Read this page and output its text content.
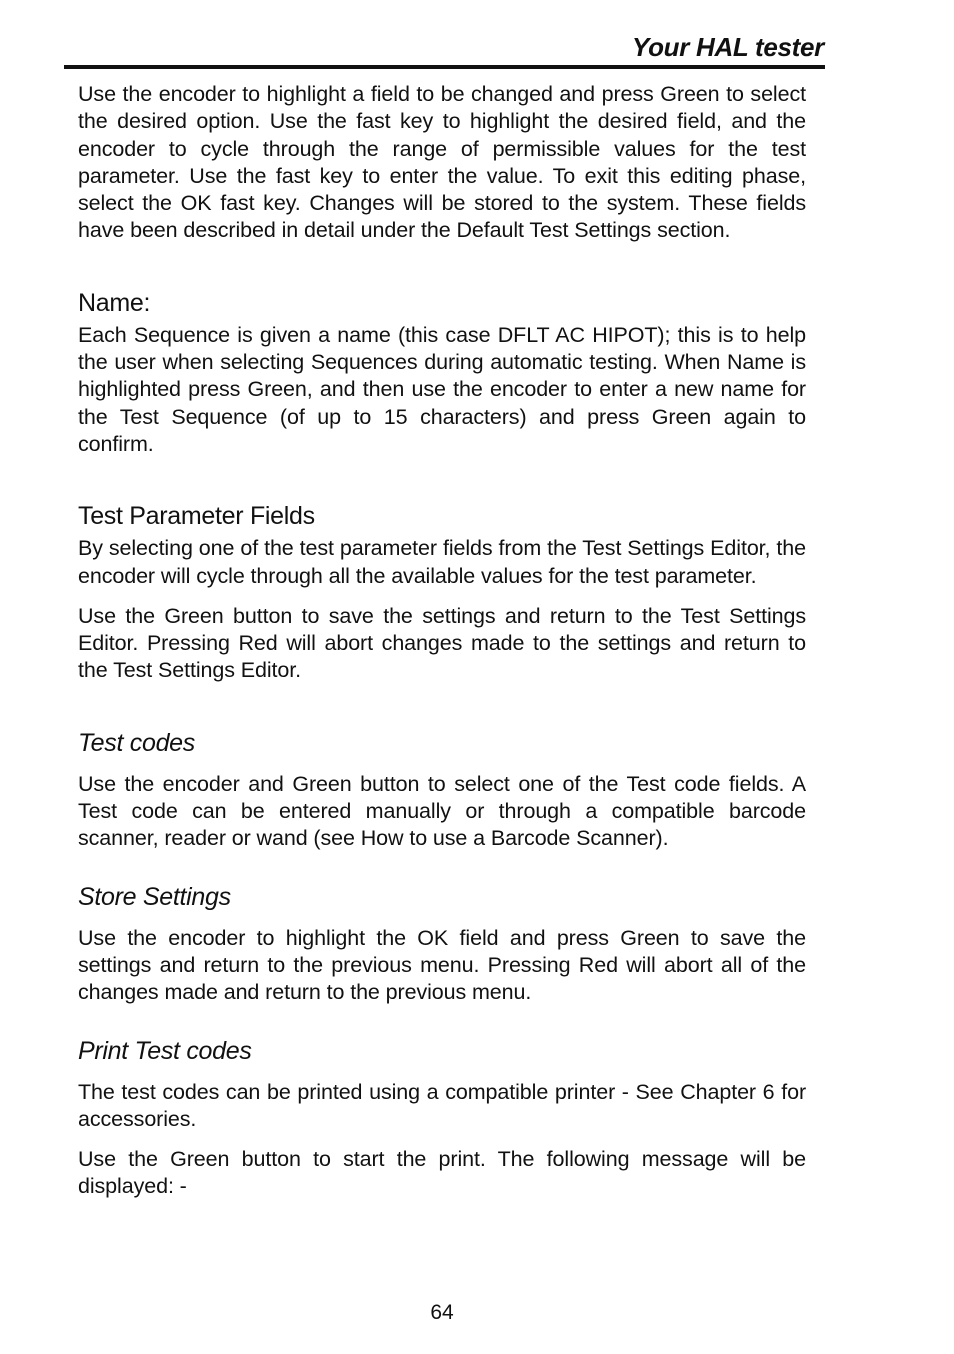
Your HAL tester

Use the encoder to highlight a field to be changed and press Green to select the desired option. Use the fast key to highlight the desired field, and the encoder to cycle through the range of permissible values for the test parameter. Use the fast key to enter the value. To exit this editing phase, select the OK fast key. Changes will be stored to the system. These fields have been described in detail under the Default Test Settings section.

Name:

Each Sequence is given a name (this case DFLT AC HIPOT); this is to help the user when selecting Sequences during automatic testing. When Name is highlighted press Green, and then use the encoder to enter a new name for the Test Sequence (of up to 15 characters) and press Green again to confirm.

Test Parameter Fields

By selecting one of the test parameter fields from the Test Settings Editor, the encoder will cycle through all the available values for the test parameter.

Use the Green button to save the settings and return to the Test Settings Editor. Pressing Red will abort changes made to the settings and return to the Test Settings Editor.

Test codes

Use the encoder and Green button to select one of the Test code fields. A Test code can be entered manually or through a compatible barcode scanner, reader or wand (see How to use a Barcode Scanner).

Store Settings

Use the encoder to highlight the OK field and press Green to save the settings and return to the previous menu. Pressing Red will abort all of the changes made and return to the previous menu.

Print Test codes

The test codes can be printed using a compatible printer - See Chapter 6 for accessories.

Use the Green button to start the print. The following message will be displayed: -

64
